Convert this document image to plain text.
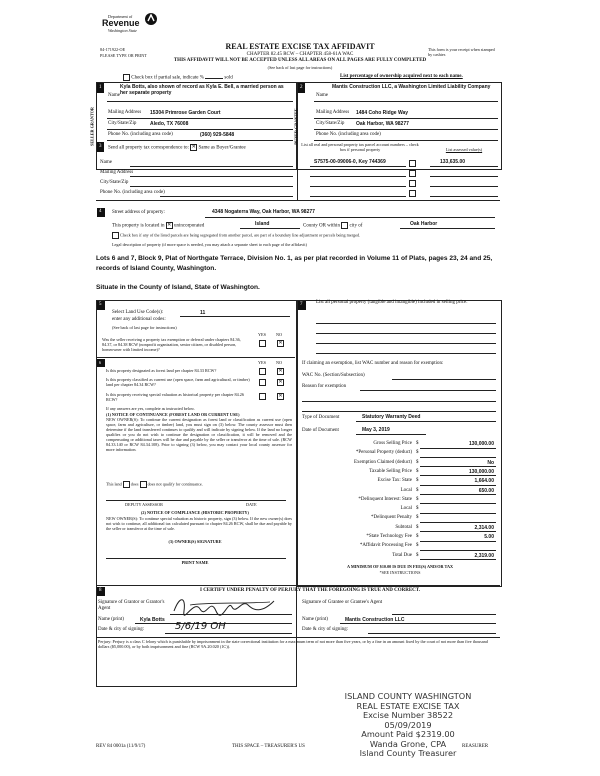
Department of
Revenue
Washington State
84-171922-OE
PLEASE TYPE OR PRINT
REAL ESTATE EXCISE TAX AFFIDAVIT
CHAPTER 82.45 RCW – CHAPTER 458-61A WAC
THIS AFFIDAVIT WILL NOT BE ACCEPTED UNLESS ALL AREAS ON ALL PAGES ARE FULLY COMPLETED
(See back of last page for instructions)
This form is your receipt when stamped by cashier.
Check box if partial sale, indicate %	sold	List percentage of ownership acquired next to each name.
1	2
SELLER GRANTOR	BUYER GRANTEE
Name
Kyla Botts, also shown of record as Kyla E. Bell, a married person as her separate property
Mailing Address 15304 Primrose Garden Court
City/State/Zip	Aledo, TX 76008
Phone No. (including area code)	(360) 929-5848
Name
Mantis Construction LLC, a Washington Limited Liability Company
Mailing Address 1484 Coho Ridge Way
City/State/Zip Oak Harbor, WA 98277
Phone No. (including area code)
3 Send all property tax correspondence to: ✕ Same as Buyer/Grantee
Name
Mailing Address
City/State/Zip
Phone No. (including area code)
List all real and personal property tax parcel account numbers – check box if personal property	List assessed value(s)
S7575-00-09006-0, Key 744369	133,635.00
4 Street address of property:	4348 Nogaterra Way, Oak Harbor, WA 98277
This property is located in ✕ unincorporated	Island	County OR within city of	Oak Harbor
Check box if any of the listed parcels are being segregated from another parcel, are part of a boundary line adjustment or parcels being merged.
Legal description of property (if more space is needed, you may attach a separate sheet to each page of the affidavit)
Lots 6 and 7, Block 9, Plat of Northgate Terrace, Division No. 1, as per plat recorded in Volume 11 of Plats, pages 23, 24 and 25, records of Island County, Washington.
Situate in the County of Island, State of Washington.
5
Select Land Use Code(s):	11
enter any additional codes:
(See back of last page for instructions)
YES NO
Was the seller receiving a property tax exemption or deferral under chapters 84.36, 84.37, or 84.38 RCW (nonprofit organization, senior citizen, or disabled person, homeowner with limited income)?
✕
6	YES NO
Is this property designated as forest land per chapter 84.33 RCW?	✕
Is this property classified as current use (open space, farm and agricultural, or timber) land per chapter 84.34 RCW?	✕
Is this property receiving special valuation as historical property per chapter 84.26 RCW?
✕
If any answers are yes, complete as instructed below.
(1) NOTICE OF CONTINUANCE (FOREST LAND OR CURRENT USE)
NEW OWNER(S): To continue the current designation as forest land or classification as current use (open space, farm and agriculture, or timber) land, you must sign on (3) below. The county assessor must then determine if the land transferred continues to qualify and will indicate by signing below. If the land no longer qualifies or you do not wish to continue the designation or classification, it will be removed and the compensating or additional taxes will be due and payable by the seller or transferor at the time of sale. (RCW 84.33.140 or RCW 84.34.108). Prior to signing (3) below, you may contact your local county assessor for more information.
This land does does not qualify for continuance.
DEPUTY ASSESSOR	DATE
(2) NOTICE OF COMPLIANCE (HISTORIC PROPERTY)
NEW OWNER(S): To continue special valuation as historic property, sign (3) below. If the new owner(s) does not wish to continue, all additional tax calculated pursuant to chapter 84.26 RCW, shall be due and payable by the seller or transferor at the time of sale.
(3) OWNER(S) SIGNATURE
PRINT NAME
7	List all personal property (tangible and intangible) included in selling price.
If claiming an exemption, list WAC number and reason for exemption:
WAC No. (Section/Subsection)
Reason for exemption
Type of Document	Statutory Warranty Deed
Date of Document	May 3, 2019
Gross Selling Price $	130,000.00
*Personal Property (deduct) $
Exemption Claimed (deduct) $	No
Taxable Selling Price $	130,000.00
Excise Tax: State $	1,664.00
Local $	650.00
*Delinquent Interest: State $
Local $
*Delinquent Penalty $
Subtotal $	2,314.00
*State Technology Fee $	5.00
*Affidavit Processing Fee $
Total Due $	2,319.00
A MINIMUM OF $10.00 IS DUE IN FEE(S) AND/OR TAX
*SEE INSTRUCTIONS
8	I CERTIFY UNDER PENALTY OF PERJURY THAT THE FOREGOING IS TRUE AND CORRECT.
Signature of Grantor or Grantor's Agent
Name (print)	Kyla Botts
Date & city of signing:	5/6/19 OH
Signature of Grantee or Grantee's Agent
Name (print)	Mantis Construction LLC
Date & city of signing:
Perjury: Perjury is a class C felony which is punishable by imprisonment in the state correctional institution for a maximum term of not more than five years, or by a fine in an amount fixed by the court of not more than five thousand dollars ($5,000.00), or by both imprisonment and fine (RCW 9A.20.020 (1C)).
ISLAND COUNTY WASHINGTON
REAL ESTATE EXCISE TAX
Excise Number 38522
05/09/2019
Amount Paid $2319.00
Wanda Grone, CPA
Island County Treasurer
REV 84 0001a (11/9/17)	THIS SPACE – TREASURER'S US	REASURER
